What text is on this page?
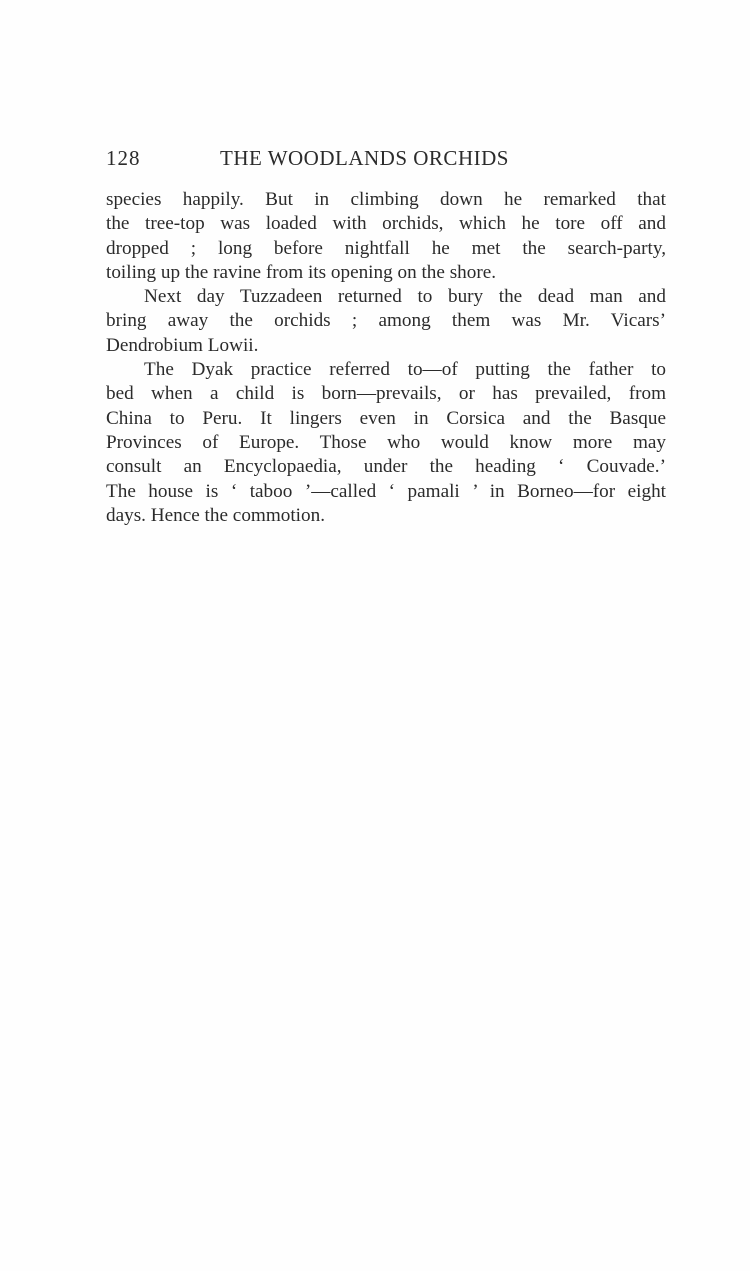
128	THE WOODLANDS ORCHIDS
species happily. But in climbing down he remarked that
the tree-top was loaded with orchids, which he tore off and
dropped ; long before nightfall he met the search-party,
toiling up the ravine from its opening on the shore.
Next day Tuzzadeen returned to bury the dead man and
bring away the orchids ; among them was Mr. Vicars’
Dendrobium Lowii.
The Dyak practice referred to—of putting the father to
bed when a child is born—prevails, or has prevailed, from
China to Peru. It lingers even in Corsica and the Basque
Provinces of Europe. Those who would know more may
consult an Encyclopaedia, under the heading ‘ Couvade.’
The house is ‘ taboo ’—called ‘ pamali ’ in Borneo—for eight
days. Hence the commotion.
